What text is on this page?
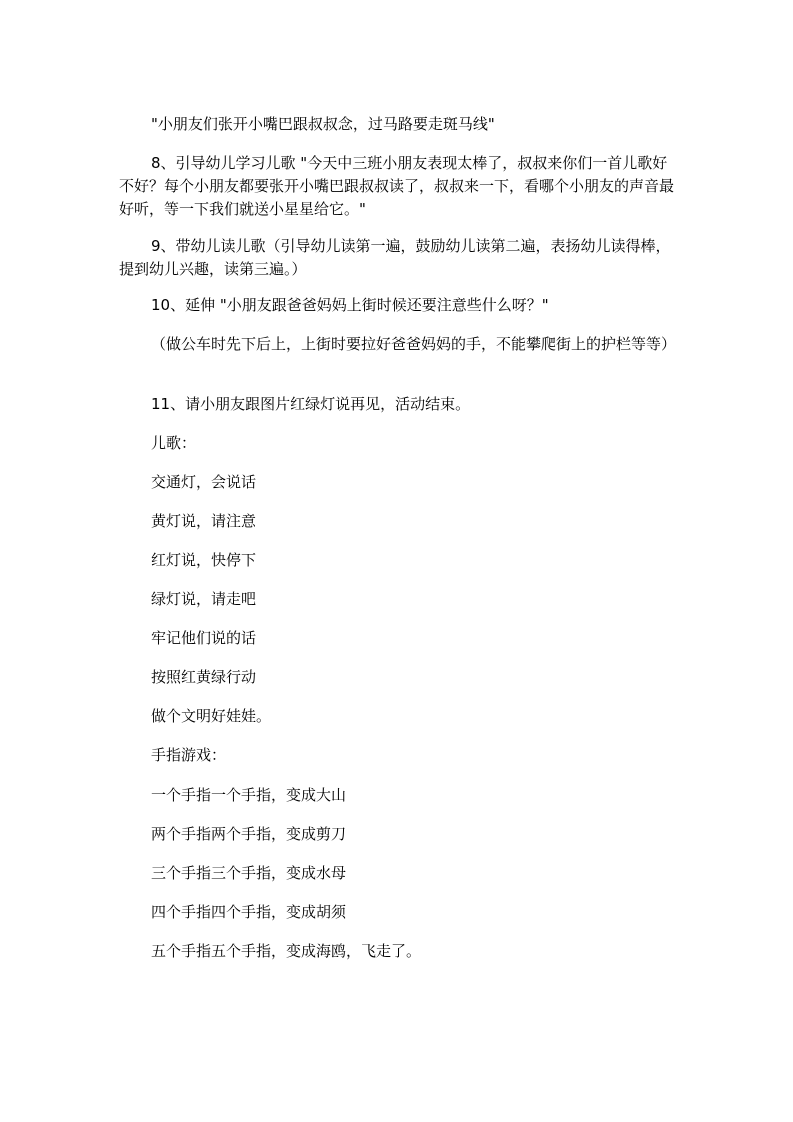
"小朋友们张开小嘴巴跟叔叔念，过马路要走斑马线"

8、引导幼儿学习儿歌 "今天中三班小朋友表现太棒了，叔叔来你们一首儿歌好不好？每个小朋友都要张开小嘴巴跟叔叔读了，叔叔来一下，看哪个小朋友的声音最好听，等一下我们就送小星星给它。"

9、带幼儿读儿歌（引导幼儿读第一遍，鼓励幼儿读第二遍，表扬幼儿读得棒，提到幼儿兴趣，读第三遍。）

10、延伸 "小朋友跟爸爸妈妈上街时候还要注意些什么呀？"

（做公车时先下后上，上街时要拉好爸爸妈妈的手，不能攀爬街上的护栏等等）

11、请小朋友跟图片红绿灯说再见，活动结束。

儿歌：

交通灯，会说话

黄灯说，请注意

红灯说，快停下

绿灯说，请走吧

牢记他们说的话

按照红黄绿行动

做个文明好娃娃。

手指游戏：

一个手指一个手指，变成大山

两个手指两个手指，变成剪刀

三个手指三个手指，变成水母

四个手指四个手指，变成胡须

五个手指五个手指，变成海鸥，飞走了。
